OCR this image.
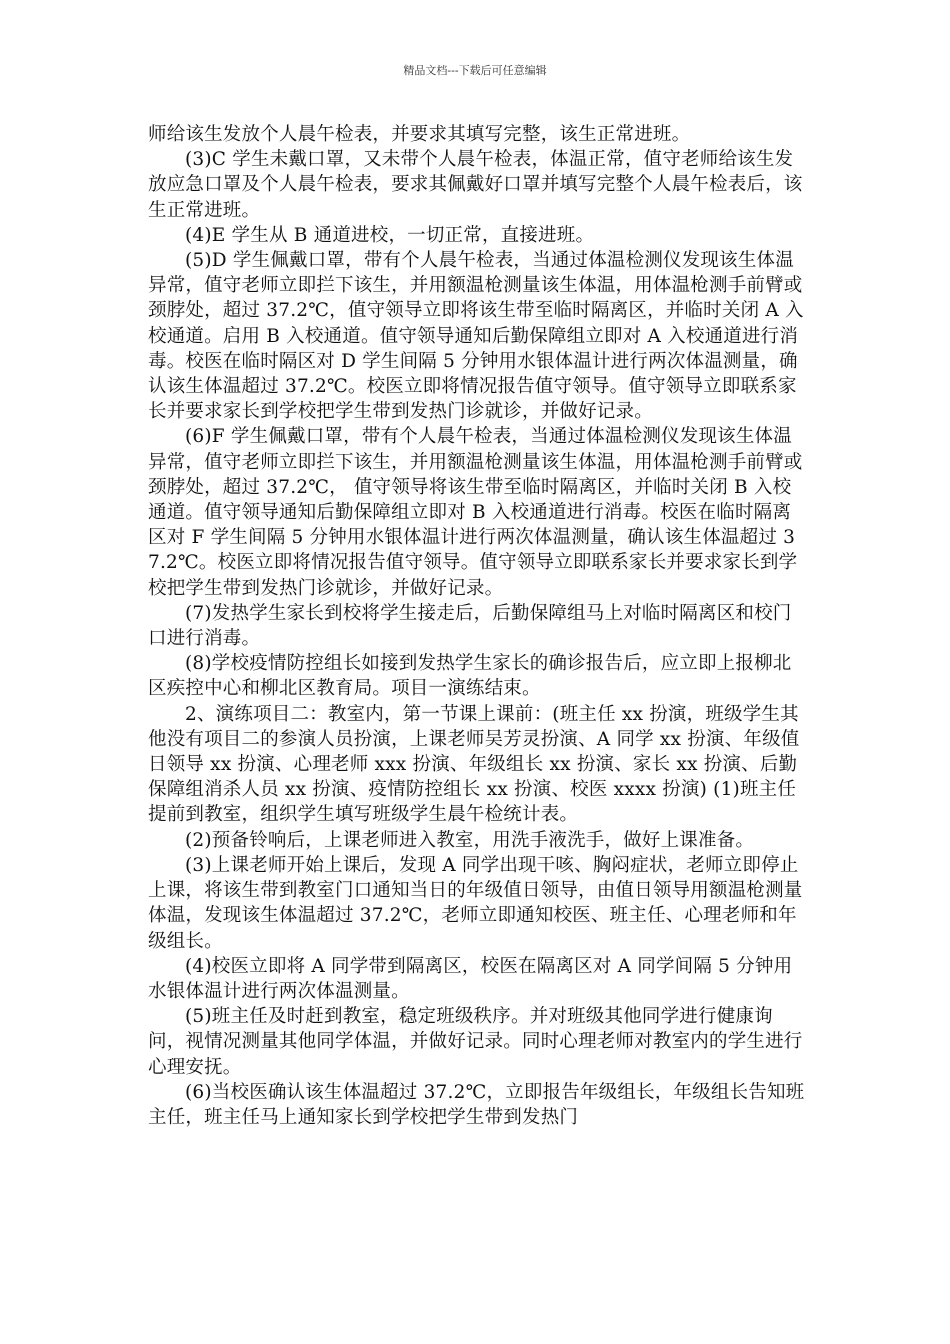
精品文档---下载后可任意编辑

师给该生发放个人晨午检表，并要求其填写完整，该生正常进班。

(3)C 学生未戴口罩，又未带个人晨午检表，体温正常，值守老师给该生发放应急口罩及个人晨午检表，要求其佩戴好口罩并填写完整个人晨午检表后，该生正常进班。

(4)E 学生从 B 通道进校，一切正常，直接进班。

(5)D 学生佩戴口罩，带有个人晨午检表，当通过体温检测仪发现该生体温异常，值守老师立即拦下该生，并用额温枪测量该生体温，用体温枪测手前臂或颈脖处，超过 37.2℃，值守领导立即将该生带至临时隔离区，并临时关闭 A 入校通道。启用 B 入校通道。值守领导通知后勤保障组立即对 A 入校通道进行消毒。校医在临时隔区对 D 学生间隔 5 分钟用水银体温计进行两次体温测量，确认该生体温超过 37.2℃。校医立即将情况报告值守领导。值守领导立即联系家长并要求家长到学校把学生带到发热门诊就诊，并做好记录。

(6)F 学生佩戴口罩，带有个人晨午检表，当通过体温检测仪发现该生体温异常，值守老师立即拦下该生，并用额温枪测量该生体温，用体温枪测手前臂或颈脖处，超过 37.2℃， 值守领导将该生带至临时隔离区，并临时关闭 B 入校通道。值守领导通知后勤保障组立即对 B 入校通道进行消毒。校医在临时隔离区对 F 学生间隔 5 分钟用水银体温计进行两次体温测量，确认该生体温超过 37.2℃。校医立即将情况报告值守领导。值守领导立即联系家长并要求家长到学校把学生带到发热门诊就诊，并做好记录。

(7)发热学生家长到校将学生接走后，后勤保障组马上对临时隔离区和校门口进行消毒。

(8)学校疫情防控组长如接到发热学生家长的确诊报告后，应立即上报柳北区疾控中心和柳北区教育局。项目一演练结束。

2、演练项目二：教室内，第一节课上课前：(班主任 xx 扮演，班级学生其他没有项目二的参演人员扮演，上课老师吴芳灵扮演、A 同学 xx 扮演、年级值日领导 xx 扮演、心理老师 xxx 扮演、年级组长 xx 扮演、家长 xx 扮演、后勤保障组消杀人员 xx 扮演、疫情防控组长 xx 扮演、校医 xxxx 扮演) (1)班主任提前到教室，组织学生填写班级学生晨午检统计表。

(2)预备铃响后，上课老师进入教室，用洗手液洗手，做好上课准备。

(3)上课老师开始上课后，发现 A 同学出现干咳、胸闷症状，老师立即停止上课，将该生带到教室门口通知当日的年级值日领导，由值日领导用额温枪测量体温，发现该生体温超过 37.2℃，老师立即通知校医、班主任、心理老师和年级组长。

(4)校医立即将 A 同学带到隔离区，校医在隔离区对 A 同学间隔 5 分钟用水银体温计进行两次体温测量。

(5)班主任及时赶到教室，稳定班级秩序。并对班级其他同学进行健康询问，视情况测量其他同学体温，并做好记录。同时心理老师对教室内的学生进行心理安抚。

(6)当校医确认该生体温超过 37.2℃，立即报告年级组长，年级组长告知班主任，班主任马上通知家长到学校把学生带到发热门
